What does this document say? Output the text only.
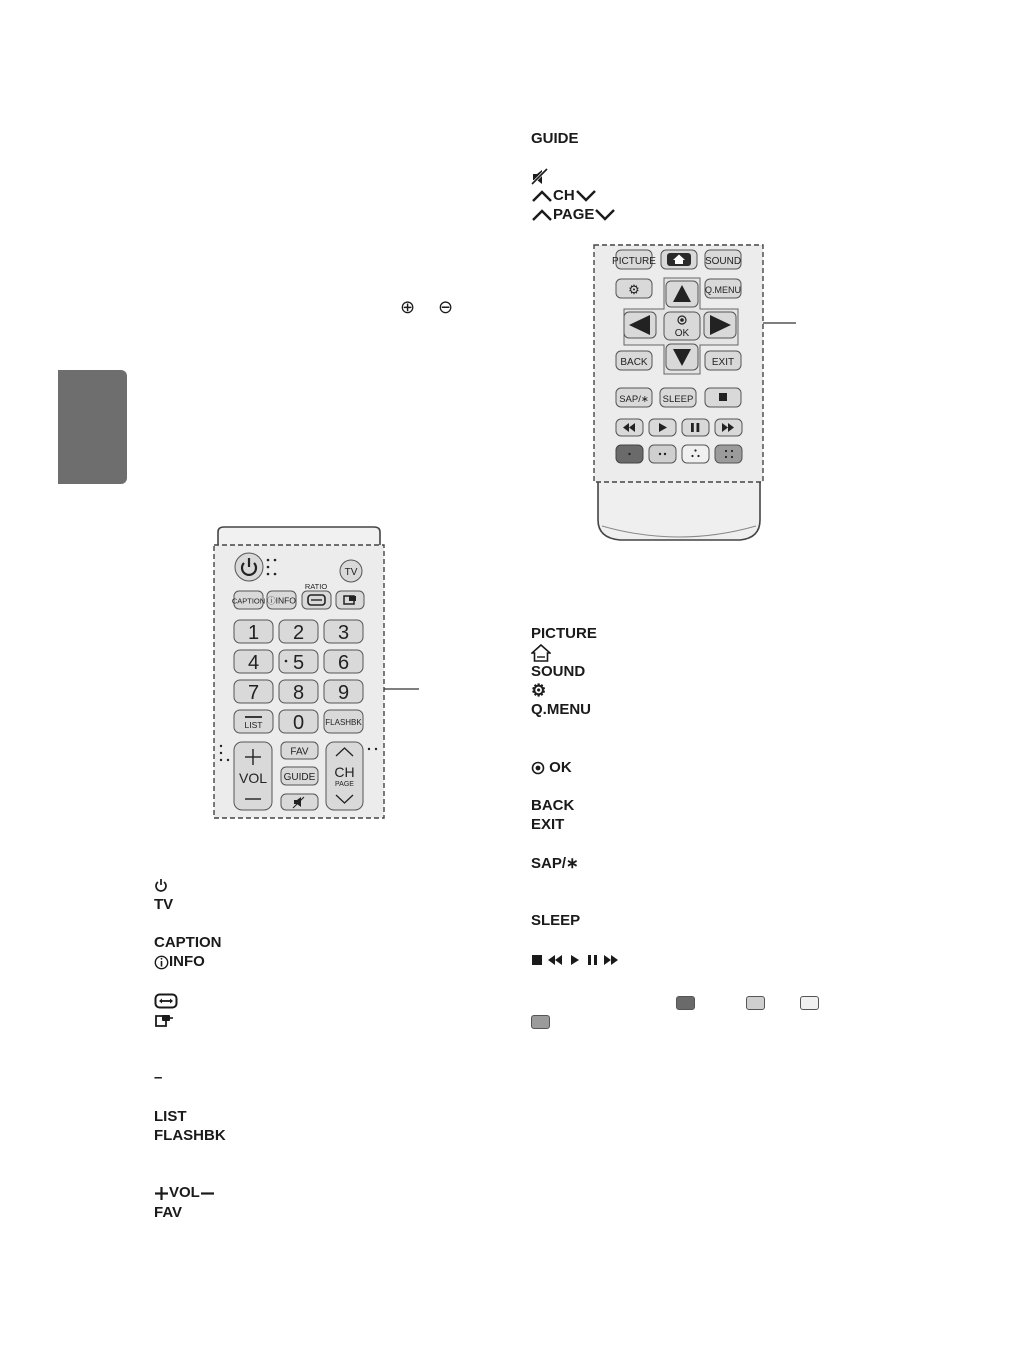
GUIDE
CH
PAGE
⊕ ⊖
PICTURE	SOUND
⚙	Q.MENU
OK
BACK	EXIT
SAP/∗ SLEEP
TV
RATIO
CAPTION ⓘINFO
1 2 3
4 5 6
7 8 9
LIST 0	FLASHBK
VOL
FAV
GUIDE CH
PAGE
PICTURE
SOUND
⚙
Q.MENU
OK
BACK
EXIT
SAP/∗
SLEEP
TV
CAPTION
INFO
–
LIST
FLASHBK
VOL
FAV
